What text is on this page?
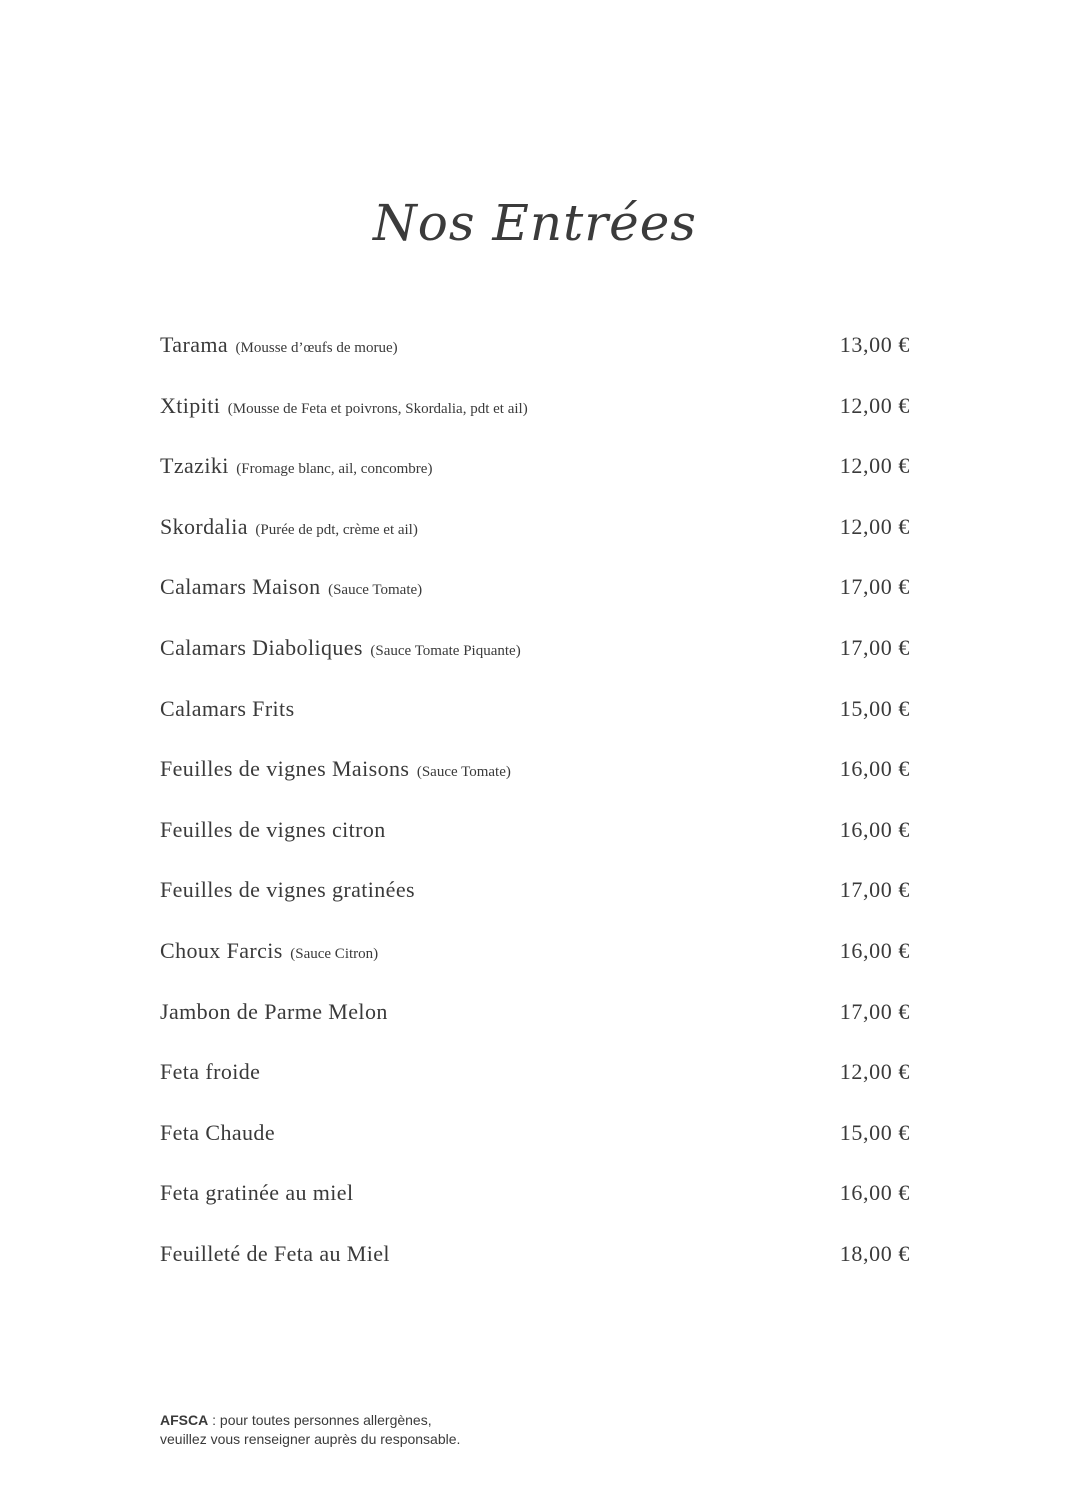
Nos Entrées
Tarama (Mousse d’œufs de morue)	13,00 €
Xtipiti (Mousse de Feta et poivrons, Skordalia, pdt et ail)	12,00 €
Tzaziki (Fromage blanc, ail, concombre)	12,00 €
Skordalia (Purée de pdt, crème et ail)	12,00 €
Calamars Maison (Sauce Tomate)	17,00 €
Calamars Diaboliques (Sauce Tomate Piquante)	17,00 €
Calamars Frits	15,00 €
Feuilles de vignes Maisons (Sauce Tomate)	16,00 €
Feuilles de vignes citron	16,00 €
Feuilles de vignes gratinées	17,00 €
Choux Farcis (Sauce Citron)	16,00 €
Jambon de Parme Melon	17,00 €
Feta froide	12,00 €
Feta Chaude	15,00 €
Feta gratinée au miel	16,00 €
Feuilleté de Feta au Miel	18,00 €
AFSCA : pour toutes personnes allergènes,
veuillez vous renseigner auprès du responsable.
